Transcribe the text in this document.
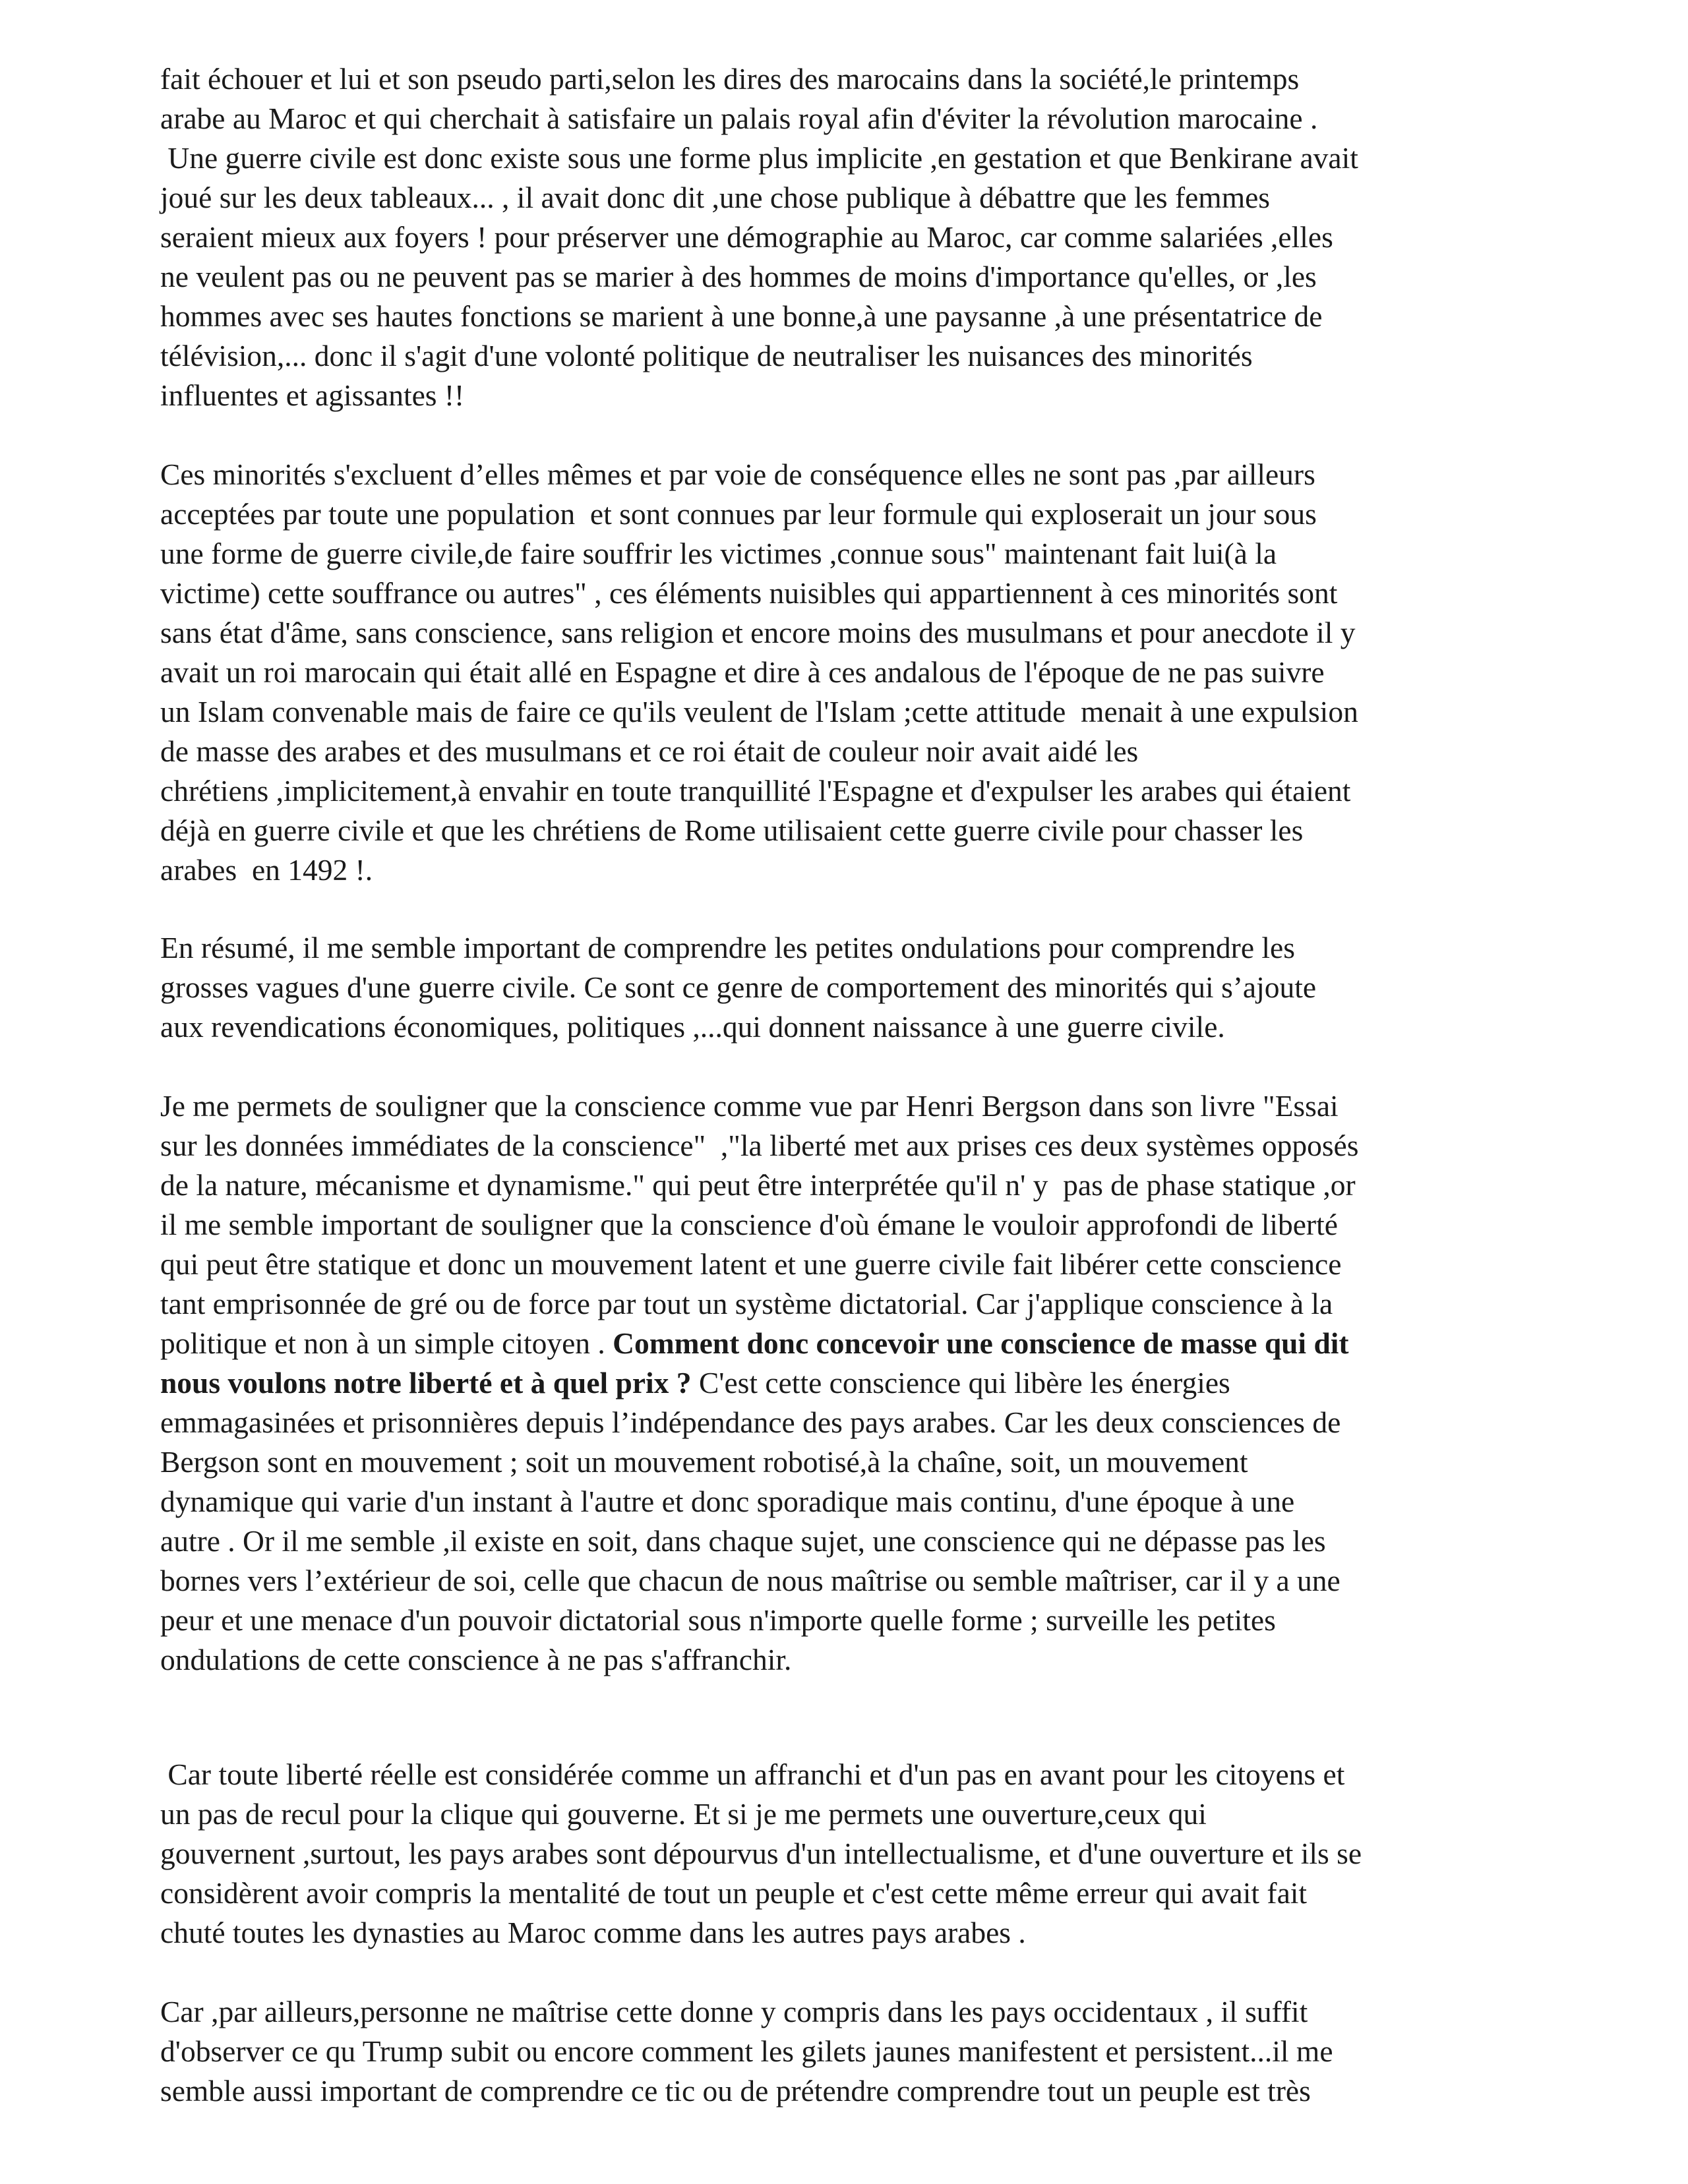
fait échouer et lui et son pseudo parti,selon les dires des marocains dans la société,le printemps
arabe au Maroc et qui cherchait à satisfaire un palais royal afin d'éviter la révolution marocaine .
Une guerre civile est donc existe sous une forme plus implicite ,en gestation et que Benkirane avait
joué sur les deux tableaux... , il avait donc dit ,une chose publique à débattre que les femmes
seraient mieux aux foyers ! pour préserver une démographie au Maroc, car comme salariées ,elles
ne veulent pas ou ne peuvent pas se marier à des hommes de moins d'importance qu'elles, or ,les
hommes avec ses hautes fonctions se marient à une bonne,à une paysanne ,à une présentatrice de
télévision,... donc il s'agit d'une volonté politique de neutraliser les nuisances des minorités
influentes et agissantes !!

Ces minorités s'excluent d’elles mêmes et par voie de conséquence elles ne sont pas ,par ailleurs
acceptées par toute une population  et sont connues par leur formule qui exploserait un jour sous
une forme de guerre civile,de faire souffrir les victimes ,connue sous" maintenant fait lui(à la
victime) cette souffrance ou autres" , ces éléments nuisibles qui appartiennent à ces minorités sont
sans état d'âme, sans conscience, sans religion et encore moins des musulmans et pour anecdote il y
avait un roi marocain qui était allé en Espagne et dire à ces andalous de l'époque de ne pas suivre
un Islam convenable mais de faire ce qu'ils veulent de l'Islam ;cette attitude  menait à une expulsion
de masse des arabes et des musulmans et ce roi était de couleur noir avait aidé les
chrétiens ,implicitement,à envahir en toute tranquillité l'Espagne et d'expulser les arabes qui étaient
déjà en guerre civile et que les chrétiens de Rome utilisaient cette guerre civile pour chasser les
arabes  en 1492 !.

En résumé, il me semble important de comprendre les petites ondulations pour comprendre les
grosses vagues d'une guerre civile. Ce sont ce genre de comportement des minorités qui s’ajoute
aux revendications économiques, politiques ,...qui donnent naissance à une guerre civile.

Je me permets de souligner que la conscience comme vue par Henri Bergson dans son livre "Essai
sur les données immédiates de la conscience"  ,"la liberté met aux prises ces deux systèmes opposés
de la nature, mécanisme et dynamisme." qui peut être interprétée qu'il n' y  pas de phase statique ,or
il me semble important de souligner que la conscience d'où émane le vouloir approfondi de liberté
qui peut être statique et donc un mouvement latent et une guerre civile fait libérer cette conscience
tant emprisonnée de gré ou de force par tout un système dictatorial. Car j'applique conscience à la
politique et non à un simple citoyen . Comment donc concevoir une conscience de masse qui dit
nous voulons notre liberté et à quel prix ? C'est cette conscience qui libère les énergies
emmagasinées et prisonnières depuis l’indépendance des pays arabes. Car les deux consciences de
Bergson sont en mouvement ; soit un mouvement robotisé,à la chaîne, soit, un mouvement
dynamique qui varie d'un instant à l'autre et donc sporadique mais continu, d'une époque à une
autre . Or il me semble ,il existe en soit, dans chaque sujet, une conscience qui ne dépasse pas les
bornes vers l’extérieur de soi, celle que chacun de nous maîtrise ou semble maîtriser, car il y a une
peur et une menace d'un pouvoir dictatorial sous n'importe quelle forme ; surveille les petites
ondulations de cette conscience à ne pas s'affranchir.

Car toute liberté réelle est considérée comme un affranchi et d'un pas en avant pour les citoyens et
un pas de recul pour la clique qui gouverne. Et si je me permets une ouverture,ceux qui
gouvernent ,surtout, les pays arabes sont dépourvus d'un intellectualisme, et d'une ouverture et ils se
considèrent avoir compris la mentalité de tout un peuple et c'est cette même erreur qui avait fait
chuté toutes les dynasties au Maroc comme dans les autres pays arabes .

Car ,par ailleurs,personne ne maîtrise cette donne y compris dans les pays occidentaux , il suffit
d'observer ce qu Trump subit ou encore comment les gilets jaunes manifestent et persistent...il me
semble aussi important de comprendre ce tic ou de prétendre comprendre tout un peuple est très
